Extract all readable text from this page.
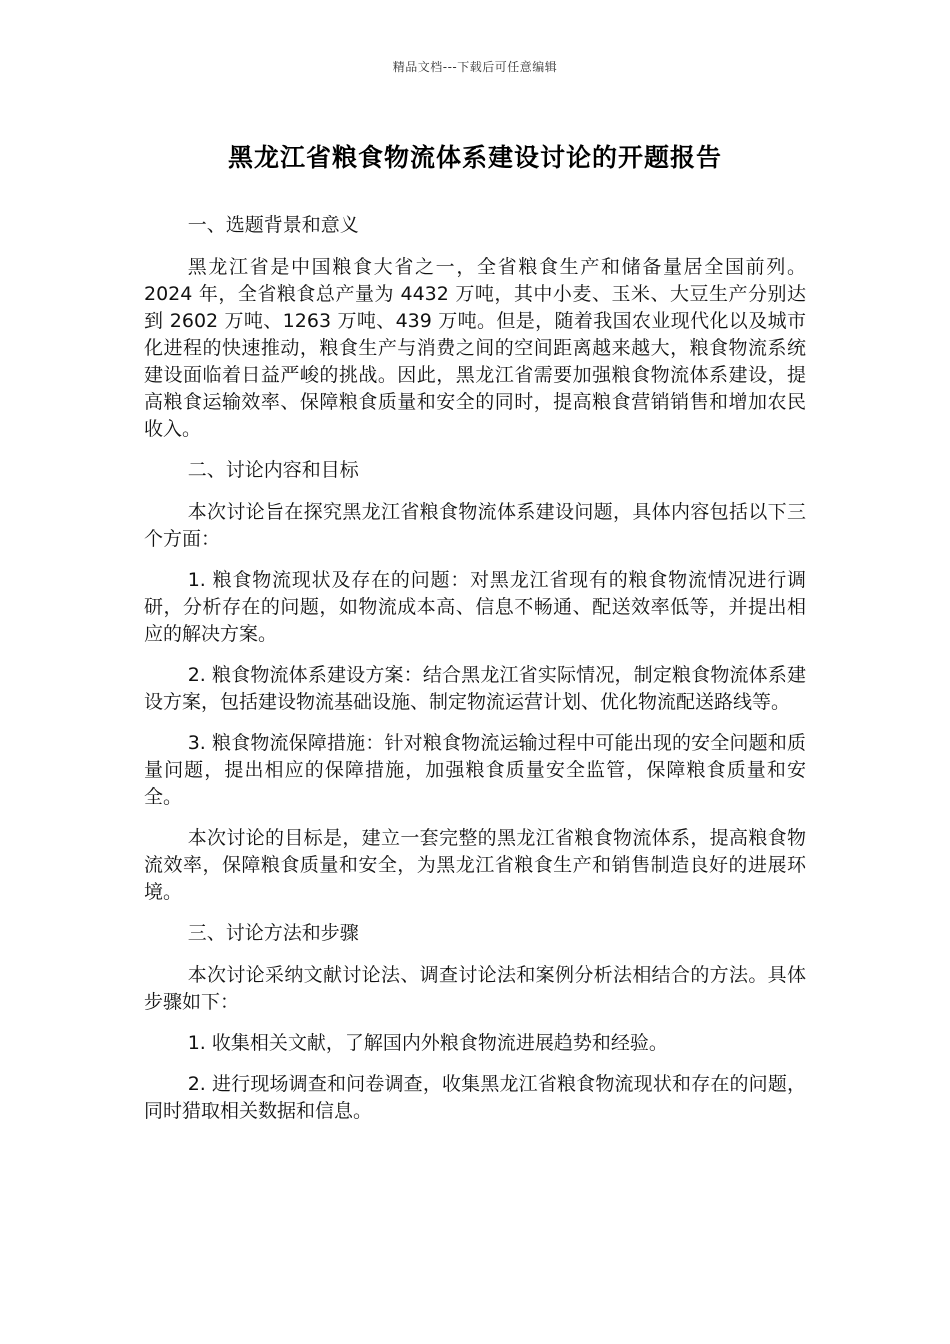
精品文档---下载后可任意编辑
黑龙江省粮食物流体系建设讨论的开题报告

一、选题背景和意义

黑龙江省是中国粮食大省之一，全省粮食生产和储备量居全国前列。2024 年，全省粮食总产量为 4432 万吨，其中小麦、玉米、大豆生产分别达到 2602 万吨、1263 万吨、439 万吨。但是，随着我国农业现代化以及城市化进程的快速推动，粮食生产与消费之间的空间距离越来越大，粮食物流系统建设面临着日益严峻的挑战。因此，黑龙江省需要加强粮食物流体系建设，提高粮食运输效率、保障粮食质量和安全的同时，提高粮食营销销售和增加农民收入。

二、讨论内容和目标

本次讨论旨在探究黑龙江省粮食物流体系建设问题，具体内容包括以下三个方面：

1. 粮食物流现状及存在的问题：对黑龙江省现有的粮食物流情况进行调研，分析存在的问题，如物流成本高、信息不畅通、配送效率低等，并提出相应的解决方案。

2. 粮食物流体系建设方案：结合黑龙江省实际情况，制定粮食物流体系建设方案，包括建设物流基础设施、制定物流运营计划、优化物流配送路线等。

3. 粮食物流保障措施：针对粮食物流运输过程中可能出现的安全问题和质量问题，提出相应的保障措施，加强粮食质量安全监管，保障粮食质量和安全。

本次讨论的目标是，建立一套完整的黑龙江省粮食物流体系，提高粮食物流效率，保障粮食质量和安全，为黑龙江省粮食生产和销售制造良好的进展环境。

三、讨论方法和步骤

本次讨论采纳文献讨论法、调查讨论法和案例分析法相结合的方法。具体步骤如下：

1. 收集相关文献，了解国内外粮食物流进展趋势和经验。

2. 进行现场调查和问卷调查，收集黑龙江省粮食物流现状和存在的问题，同时猎取相关数据和信息。
